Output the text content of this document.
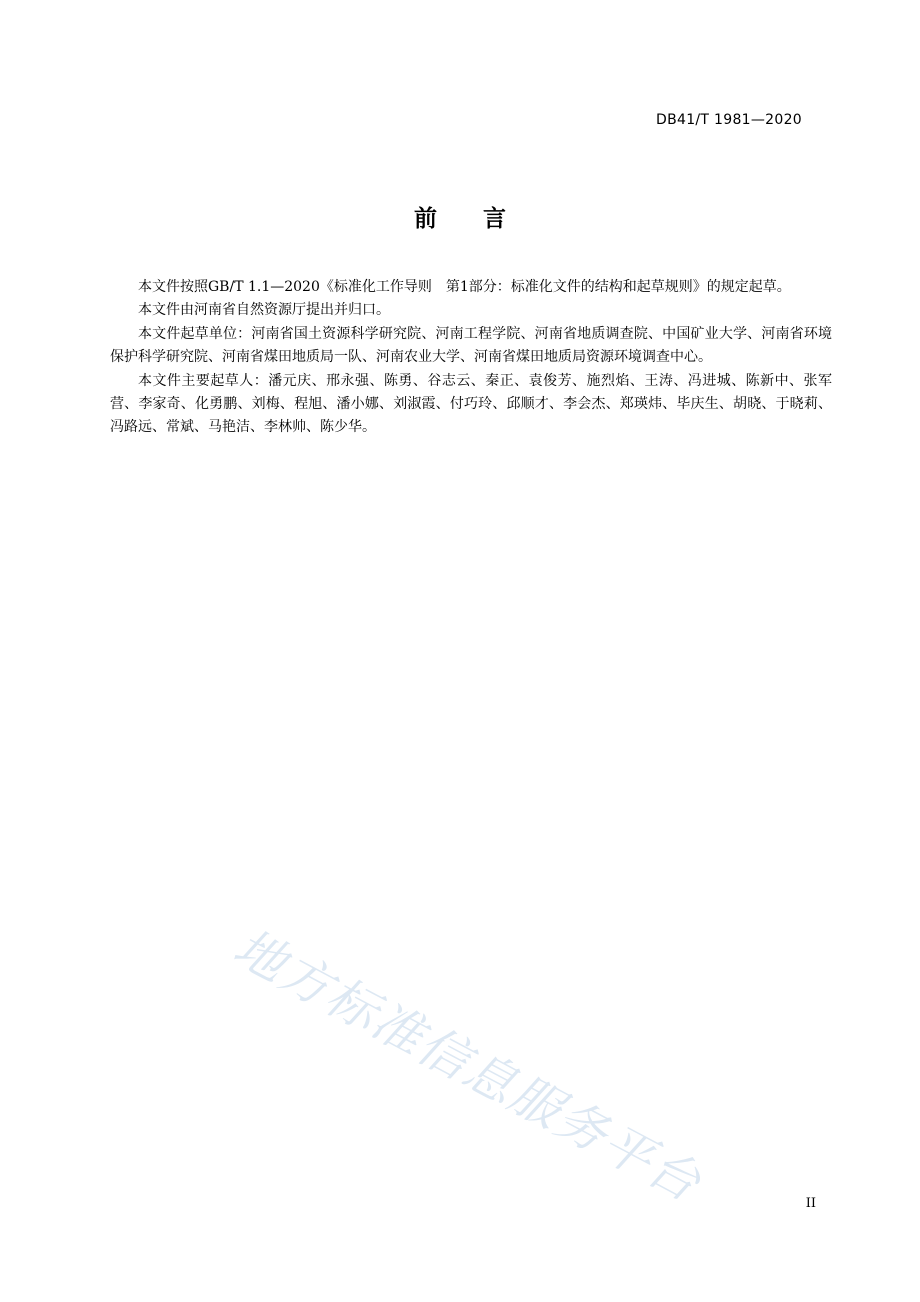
DB41/T 1981—2020
前言

本文件按照GB/T 1.1—2020《标准化工作导则　第1部分：标准化文件的结构和起草规则》的规定起草。

本文件由河南省自然资源厅提出并归口。

本文件起草单位：河南省国土资源科学研究院、河南工程学院、河南省地质调查院、中国矿业大学、河南省环境保护科学研究院、河南省煤田地质局一队、河南农业大学、河南省煤田地质局资源环境调查中心。

本文件主要起草人：潘元庆、邢永强、陈勇、谷志云、秦正、袁俊芳、施烈焰、王涛、冯进城、陈新中、张军营、李家奇、化勇鹏、刘梅、程旭、潘小娜、刘淑霞、付巧玲、邱顺才、李会杰、郑瑛炜、毕庆生、胡晓、于晓莉、冯路远、常斌、马艳洁、李林帅、陈少华。

地方标准信息服务平台	II
